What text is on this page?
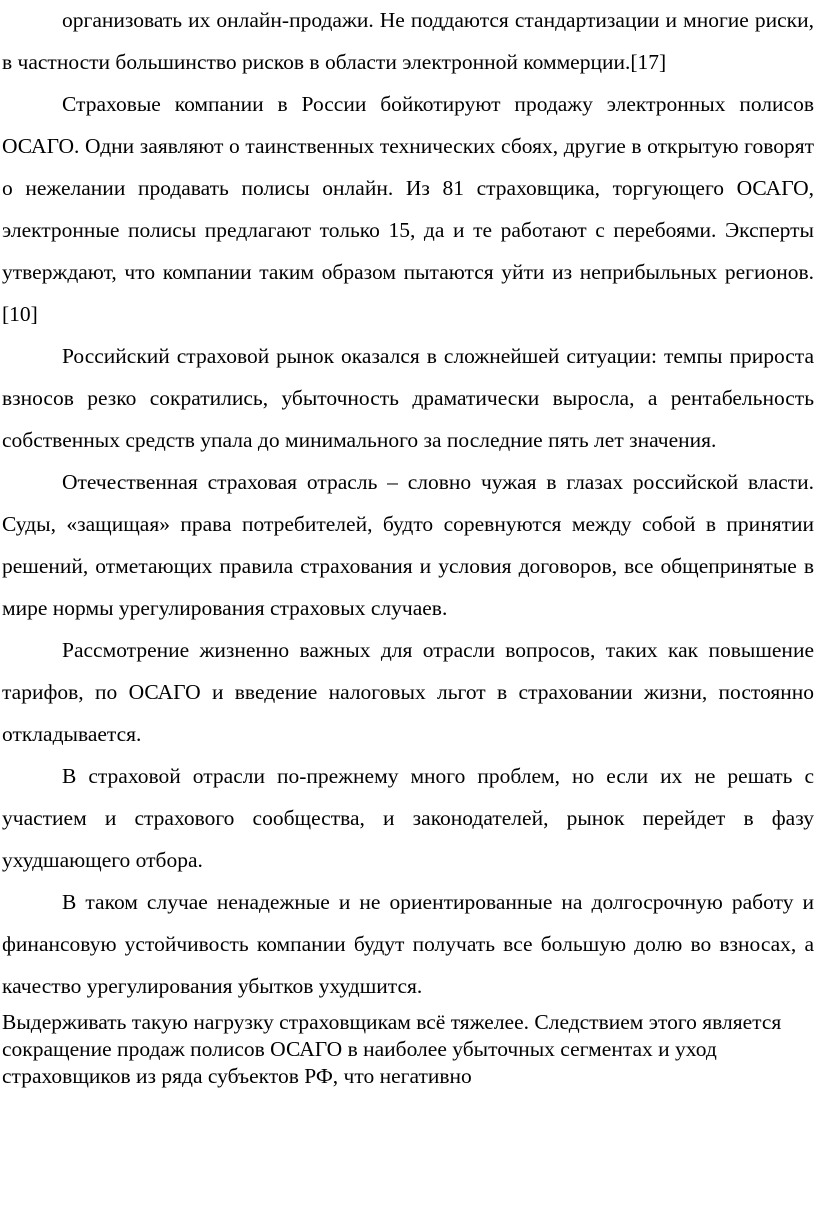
организовать их онлайн-продажи. Не поддаются стандартизации и многие риски, в частности большинство рисков в области электронной коммерции.[17]

Страховые компании в России бойкотируют продажу электронных полисов ОСАГО. Одни заявляют о таинственных технических сбоях, другие в открытую говорят о нежелании продавать полисы онлайн. Из 81 страховщика, торгующего ОСАГО, электронные полисы предлагают только 15, да и те работают с перебоями. Эксперты утверждают, что компании таким образом пытаются уйти из неприбыльных регионов.[10]

Российский страховой рынок оказался в сложнейшей ситуации: темпы прироста взносов резко сократились, убыточность драматически выросла, а рентабельность собственных средств упала до минимального за последние пять лет значения.

Отечественная страховая отрасль – словно чужая в глазах российской власти. Суды, «защищая» права потребителей, будто соревнуются между собой в принятии решений, отметающих правила страхования и условия договоров, все общепринятые в мире нормы урегулирования страховых случаев.

Рассмотрение жизненно важных для отрасли вопросов, таких как повышение тарифов, по ОСАГО и введение налоговых льгот в страховании жизни, постоянно откладывается.

В страховой отрасли по-прежнему много проблем, но если их не решать с участием и страхового сообщества, и законодателей, рынок перейдет в фазу ухудшающего отбора.

В таком случае ненадежные и не ориентированные на долгосрочную работу и финансовую устойчивость компании будут получать все большую долю во взносах, а качество урегулирования убытков ухудшится.

Выдерживать такую нагрузку страховщикам всё тяжелее. Следствием этого является сокращение продаж полисов ОСАГО в наиболее убыточных сегментах и уход страховщиков из ряда субъектов РФ, что негативно
